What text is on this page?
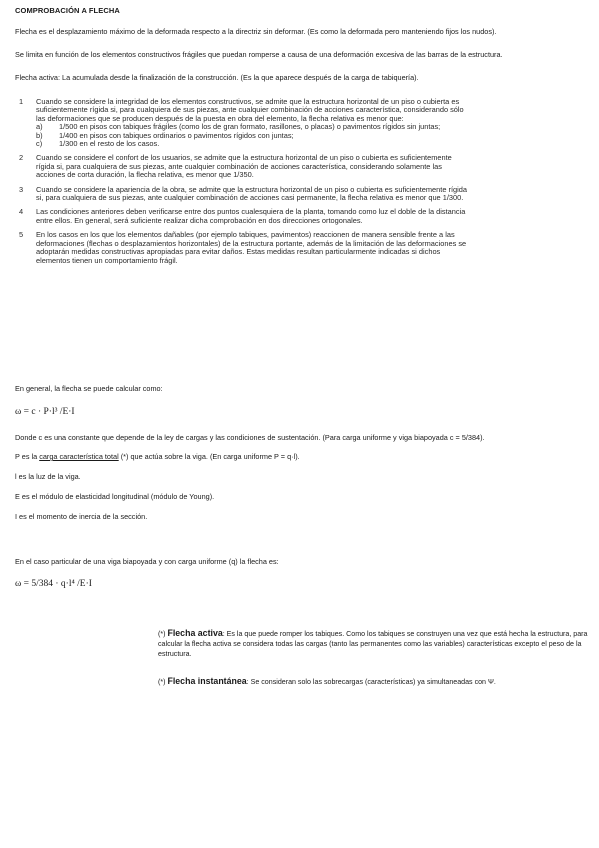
COMPROBACIÓN A FLECHA
Flecha es el desplazamiento máximo de la deformada respecto a la directriz sin deformar. (Es como la deformada pero manteniendo fijos los nudos).
Se limita en función de los elementos constructivos frágiles que puedan romperse a causa de una deformación excesiva de las barras de la estructura.
Flecha activa: La acumulada desde la finalización de la construcción. (Es la que aparece después de la carga de tabiquería).
1 Cuando se considere la integridad de los elementos constructivos, se admite que la estructura horizontal de un piso o cubierta es suficientemente rígida si, para cualquiera de sus piezas, ante cualquier combinación de acciones característica, considerando sólo las deformaciones que se producen después de la puesta en obra del elemento, la flecha relativa es menor que:
a) 1/500 en pisos con tabiques frágiles (como los de gran formato, rasillones, o placas) o pavimentos rígidos sin juntas;
b) 1/400 en pisos con tabiques ordinarios o pavimentos rígidos con juntas;
c) 1/300 en el resto de los casos.
2 Cuando se considere el confort de los usuarios, se admite que la estructura horizontal de un piso o cubierta es suficientemente rígida si, para cualquiera de sus piezas, ante cualquier combinación de acciones característica, considerando solamente las acciones de corta duración, la flecha relativa, es menor que 1/350.
3 Cuando se considere la apariencia de la obra, se admite que la estructura horizontal de un piso o cubierta es suficientemente rígida si, para cualquiera de sus piezas, ante cualquier combinación de acciones casi permanente, la flecha relativa es menor que 1/300.
4 Las condiciones anteriores deben verificarse entre dos puntos cualesquiera de la planta, tomando como luz el doble de la distancia entre ellos. En general, será suficiente realizar dicha comprobación en dos direcciones ortogonales.
5 En los casos en los que los elementos dañables (por ejemplo tabiques, pavimentos) reaccionen de manera sensible frente a las deformaciones (flechas o desplazamientos horizontales) de la estructura portante, además de la limitación de las deformaciones se adoptarán medidas constructivas apropiadas para evitar daños. Estas medidas resultan particularmente indicadas si dichos elementos tienen un comportamiento frágil.
En general, la flecha se puede calcular como:
ω = c · P·l³ /E·I
Donde c es una constante que depende de la ley de cargas y las condiciones de sustentación. (Para carga uniforme y viga biapoyada c = 5/384).
P es la carga característica total (*) que actúa sobre la viga. (En carga uniforme P = q·l).
l es la luz de la viga.
E es el módulo de elasticidad longitudinal (módulo de Young).
I es el momento de inercia de la sección.
En el caso particular de una viga biapoyada y con carga uniforme (q) la flecha es:
ω = 5/384 · q·l⁴ /E·I
(*) Flecha activa: Es la que puede romper los tabiques. Como los tabiques se construyen una vez que está hecha la estructura, para calcular la flecha activa se considera todas las cargas (tanto las permanentes como las variables) características excepto el peso de la estructura.
(*) Flecha instantánea: Se consideran solo las sobrecargas (características) ya simultaneadas con Ψ.
